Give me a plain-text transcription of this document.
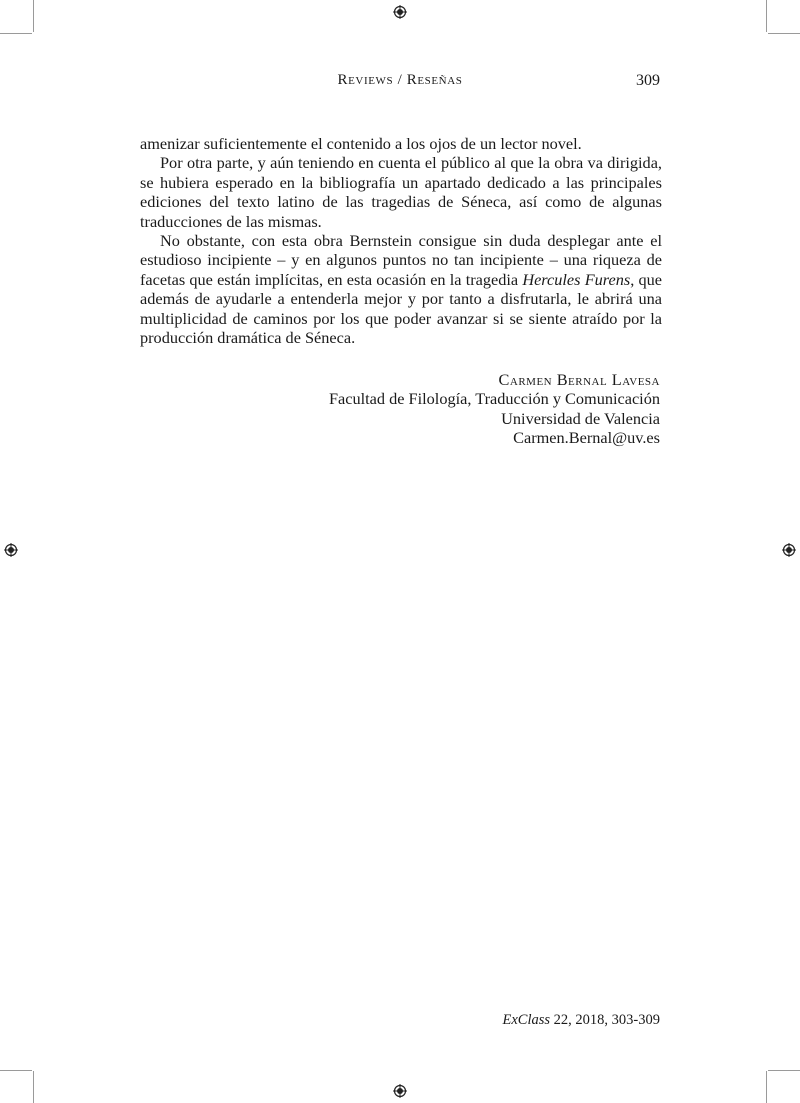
Reviews / Reseñas	309

amenizar suficientemente el contenido a los ojos de un lector novel.

Por otra parte, y aún teniendo en cuenta el público al que la obra va dirigida, se hubiera esperado en la bibliografía un apartado dedicado a las principales ediciones del texto latino de las tragedias de Séneca, así como de algunas traducciones de las mismas.

No obstante, con esta obra Bernstein consigue sin duda desplegar ante el estudioso incipiente – y en algunos puntos no tan incipiente – una riqueza de facetas que están implícitas, en esta ocasión en la tragedia Hercules Furens, que además de ayudarle a entenderla mejor y por tanto a disfrutarla, le abrirá una multiplicidad de caminos por los que poder avanzar si se siente atraído por la producción dramática de Séneca.

Carmen Bernal Lavesa
Facultad de Filología, Traducción y Comunicación
Universidad de Valencia
Carmen.Bernal@uv.es
ExClass 22, 2018, 303-309
